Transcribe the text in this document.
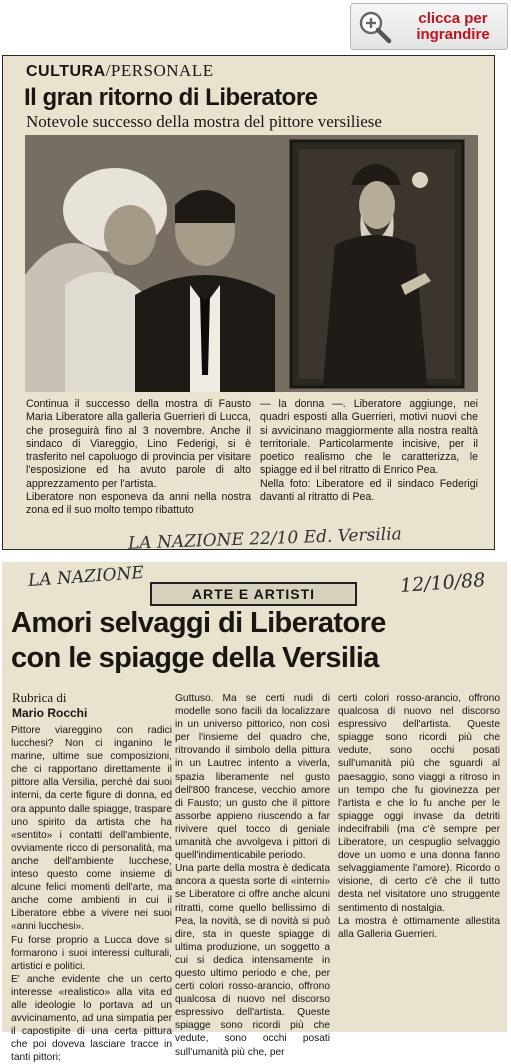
clicca per
ingrandire
CULTURA/PERSONALE
Il gran ritorno di Liberatore
Notevole successo della mostra del pittore versiliese

Continua il successo della mostra di Fausto Maria Liberatore alla galleria Guerrieri di Lucca, che proseguirà fino al 3 novembre. Anche il sindaco di Viareggio, Lino Federigi, si è trasferito nel capoluogo di provincia per visitare l'esposizione ed ha avuto parole di alto apprezzamento per l'artista.

Liberatore non esponeva da anni nella nostra zona ed il suo molto tempo ribattuto

— la donna —. Liberatore aggiunge, nei quadri esposti alla Guerrieri, motivi nuovi che si avvicinano maggiormente alla nostra realtà territoriale. Particolarmente incisive, per il poetico realismo che le caratterizza, le spiagge ed il bel ritratto di Enrico Pea.

Nella foto: Liberatore ed il sindaco Federigi davanti al ritratto di Pea.

LA NAZIONE 22/10 Ed. Versilia
LA NAZIONE	12/10/88
ARTE E ARTISTI
Amori selvaggi di Liberatore
con le spiagge della Versilia
Rubrica di
Mario Rocchi

Pittore viareggino con radici lucchesi? Non ci inganino le marine, ultime sue composizioni, che ci rapportano direttamente il pittore alla Versilia, perché dai suoi interni, da certe figure di donna, ed ora appunto dalle spiagge, traspare uno spirito da artista che ha «sentito» i contatti dell'ambiente, ovviamente ricco di personalità, ma anche dell'ambiente lucchese, inteso questo come insieme di alcune felici momenti dell'arte, ma anche come ambienti in cui il Liberatore ebbe a vivere nei suoi «anni lucchesi».

Fu forse proprio a Lucca dove si formarono i suoi interessi culturali, artistici e politici.

E' anche evidente che un certo interesse «realistico» alla vita ed alle ideologie lo portava ad un avvicinamento, ad una simpatia per il capostipite di una certa pittura che poi doveva lasciare tracce in tanti pittori:

Guttuso. Ma se certi nudi di modelle sono facili da localizzare in un universo pittorico, non così per l'insieme del quadro che, ritrovando il simbolo della pittura in un Lautrec intento a viverla, spazia liberamente nel gusto dell'800 francese, vecchio amore di Fausto; un gusto che il pittore assorbe appieno riuscendo a far rivivere quel tocco di geniale umanità che avvolgeva i pittori di quell'indimenticabile periodo.

Una parte della mostra è dedicata ancora a questa sorte di «interni» se Liberatore ci offre anche alcuni ritratti, come quello bellissimo di Pea, la novità, se di novità si può dire, sta in queste spiagge di ultima produzione, un soggetto a cui si dedica intensamente in questo ultimo periodo e che, per certi colori rosso-arancio, offrono qualcosa di nuovo nel discorso espressivo dell'artista. Queste spiagge sono ricordi più che vedute, sono occhi posati sull'umanità più che, per

certi colori rosso-arancio, offrono qualcosa di nuovo nel discorso espressivo dell'artista. Queste spiagge sono ricordi più che vedute, sono occhi posati sull'umanità più che sguardi al paesaggio, sono viaggi a ritroso in un tempo che fu giovinezza per l'artista e che lo fu anche per le spiagge oggi invase da detriti indecifrabili (ma c'è sempre per Liberatore, un cespuglio selvaggio dove un uomo e una donna fanno selvaggiamente l'amore). Ricordo o visione, di certo c'è che il tutto desta nel visitatore uno struggente sentimento di nostalgia.

La mostra è ottimamente allestita alla Galleria Guerrieri.
